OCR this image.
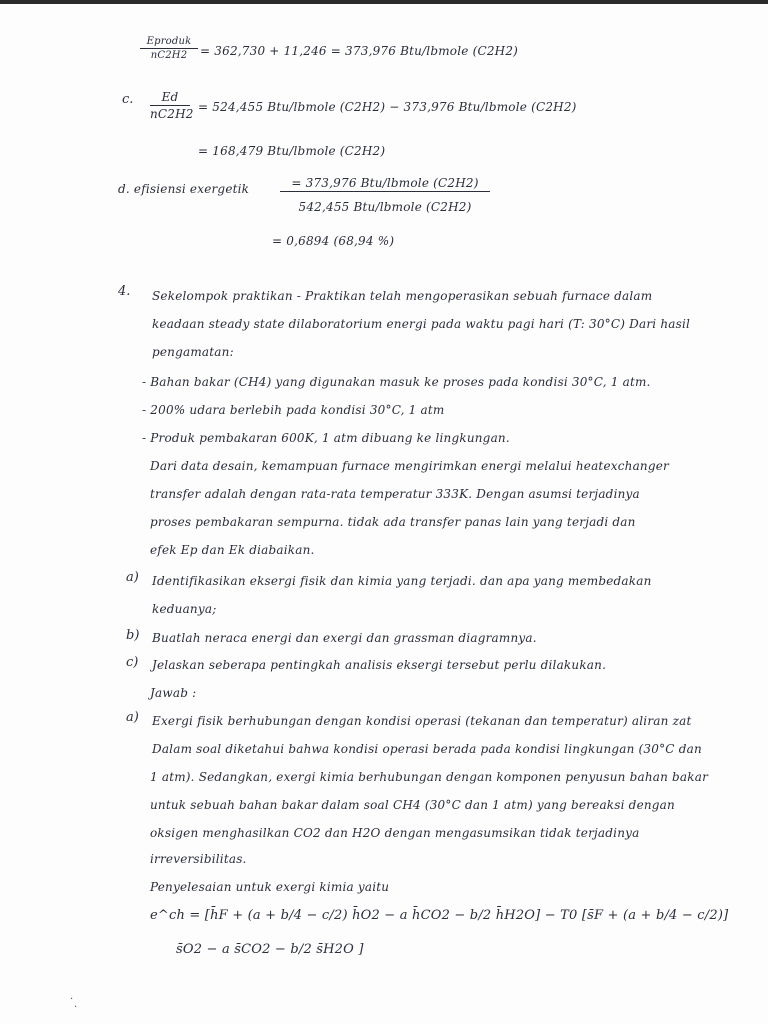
Eproduk
nC2H2	= 362,730 + 11,246 = 373,976 Btu/lbmole (C2H2)
c. $\frac{Ed}{nC2H2} = 524,455$ Btu/lbmole (C2H2) − 373,976 Btu/lbmole (C2H2)
= 168,479 Btu/lbmole (C2H2)
d. efisiensi exergetik	= 373,976 Btu/lbmole (C2H2)
542,455 Btu/lbmole (C2H2)
= 0,6894 (68,94 %)
4. Sekelompok praktikan - Praktikan telah mengoperasikan sebuah furnace dalam
keadaan steady state dilaboratorium energi pada waktu pagi hari (T: 30°C) Dari hasil
pengamatan:
- Bahan bakar (CH4) yang digunakan masuk ke proses pada kondisi 30°C, 1 atm.
- 200% udara berlebih pada kondisi 30°C, 1 atm
- Produk pembakaran 600K, 1 atm dibuang ke lingkungan.
Dari data desain, kemampuan furnace mengirimkan energi melalui heatexchanger
transfer adalah dengan rata-rata temperatur 333K. Dengan asumsi terjadinya
proses pembakaran sempurna. tidak ada transfer panas lain yang terjadi dan
efek Ep dan Ek diabaikan.
a) Identifikasikan eksergi fisik dan kimia yang terjadi. dan apa yang membedakan
keduanya;
b) Buatlah neraca energi dan exergi dan grassman diagramnya.
c) Jelaskan seberapa pentingkah analisis eksergi tersebut perlu dilakukan.
Jawab :
a) Exergi fisik berhubungan dengan kondisi operasi (tekanan dan temperatur) aliran zat
Dalam soal diketahui bahwa kondisi operasi berada pada kondisi lingkungan (30°C dan
1 atm). Sedangkan, exergi kimia berhubungan dengan komponen penyusun bahan bakar
untuk sebuah bahan bakar dalam soal CH4 (30°C dan 1 atm) yang bereaksi dengan
oksigen menghasilkan CO2 dan H2O dengan mengasumsikan tidak terjadinya
irreversibilitas.
Penyelesaian untuk exergi kimia yaitu
e^ch = [h̄F + (a + b/4 − c/2) h̄O2 − a h̄CO2 − b/2 h̄H2O] − T0 [s̄F + (a + b/4 − c/2)]
s̄O2 − a s̄CO2 − b/2 s̄H2O ]
·
·
